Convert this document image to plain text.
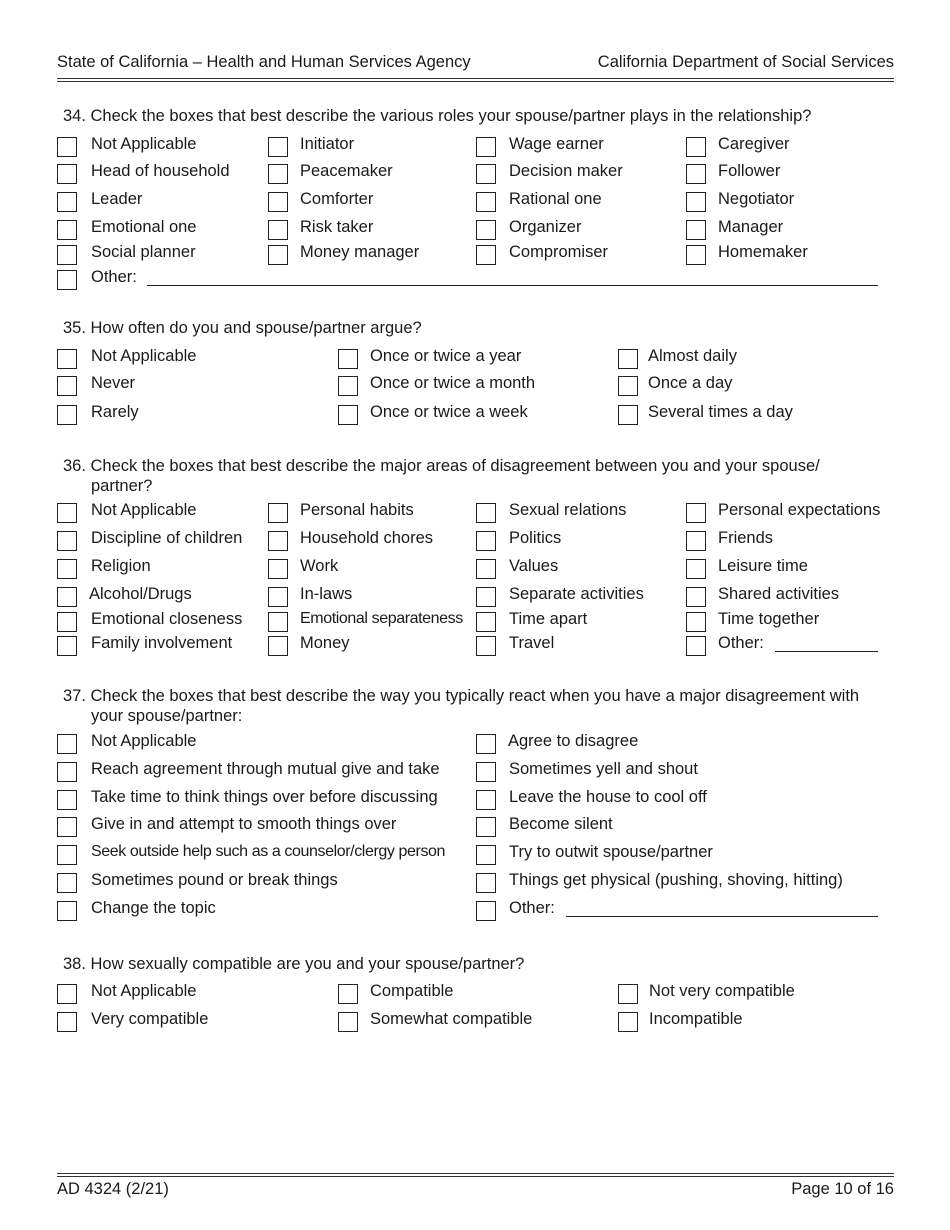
State of California – Health and Human Services Agency	California Department of Social Services
34. Check the boxes that best describe the various roles your spouse/partner plays in the relationship?
Not Applicable	Initiator	Wage earner	Caregiver
Head of household	Peacemaker	Decision maker	Follower
Leader	Comforter	Rational one	Negotiator
Emotional one	Risk taker	Organizer	Manager
Social planner	Money manager	Compromiser	Homemaker
Other:
35. How often do you and spouse/partner argue?
Not Applicable	Once or twice a year	Almost daily
Never	Once or twice a month	Once a day
Rarely	Once or twice a week	Several times a day
36. Check the boxes that best describe the major areas of disagreement between you and your spouse/
partner?
Not Applicable	Personal habits	Sexual relations	Personal expectations
Discipline of children	Household chores	Politics	Friends
Religion	Work	Values	Leisure time
Alcohol/Drugs	In-laws	Separate activities	Shared activities
Emotional closeness	Emotional separateness	Time apart	Time together
Family involvement	Money	Travel	Other:
37. Check the boxes that best describe the way you typically react when you have a major disagreement with
your spouse/partner:
Not Applicable	Agree to disagree
Reach agreement through mutual give and take	Sometimes yell and shout
Take time to think things over before discussing	Leave the house to cool off
Give in and attempt to smooth things over	Become silent
Seek outside help such as a counselor/clergy person	Try to outwit spouse/partner
Sometimes pound or break things	Things get physical (pushing, shoving, hitting)
Change the topic	Other:
38. How sexually compatible are you and your spouse/partner?
Not Applicable	Compatible	Not very compatible
Very compatible	Somewhat compatible	Incompatible
AD 4324 (2/21)	Page 10 of 16
